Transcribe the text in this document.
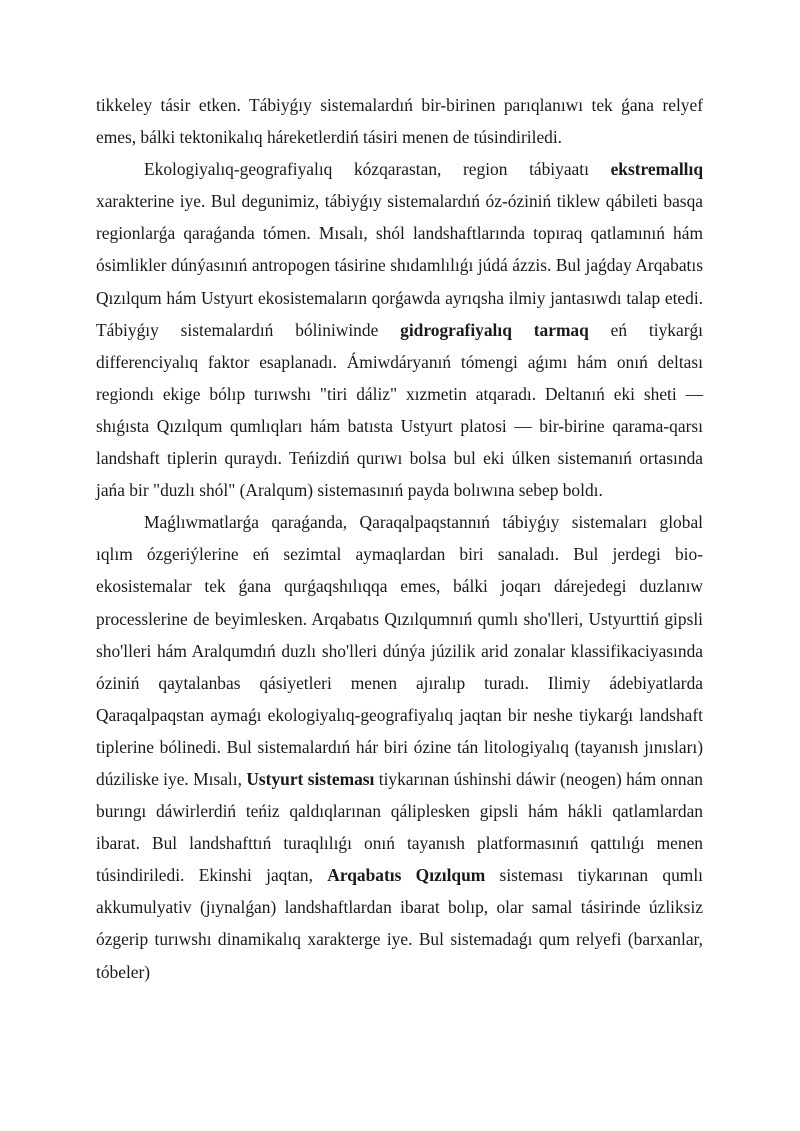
tikkeley tásir etken. Tábiyǵıy sistemalardıń bir-birinen parıqlanıwı tek ǵana relyef emes, bálki tektonikalıq háreketlerdiń tásiri menen de túsindiriledi.

Ekologiyalıq-geografiyalıq kózqarastan, region tábiyaatı ekstremallıq xarakterine iye. Bul degunimiz, tábiyǵıy sistemalardıń óz-óziniń tiklew qábileti basqa regionlarǵa qaraǵanda tómen. Mısalı, shól landshaftlarında topıraq qatlamınıń hám ósimlikler dúnýasınıń antropogen tásirine shıdamlılıǵı júdá ázzis. Bul jaǵday Arqabatıs Qızılqum hám Ustyurt ekosistemaların qorǵawda ayrıqsha ilmiy jantasıwdı talap etedi. Tábiyǵıy sistemalardıń bóliniwinde gidrografiyalıq tarmaq eń tiykarǵı differenciyalıq faktor esaplanadı. Ámiwdáryanıń tómengi aǵımı hám onıń deltası regiondı ekige bólıp turıwshı "tiri dáliz" xızmetin atqaradı. Deltanıń eki sheti — shıǵısta Qızılqum qumlıqları hám batısta Ustyurt platosi — bir-birine qarama-qarsı landshaft tiplerin quraydı. Teńizdiń qurıwı bolsa bul eki úlken sistemanıń ortasında jańa bir "duzlı shól" (Aralqum) sistemasınıń payda bolıwına sebep boldı.

Maǵlıwmatlarǵa qaraǵanda, Qaraqalpaqstannıń tábiyǵıy sistemaları global ıqlım ózgeriýlerine eń sezimtal aymaqlardan biri sanaladı. Bul jerdegi bio-ekosistemalar tek ǵana qurǵaqshılıqqa emes, bálki joqarı dárejedegi duzlanıw processlerine de beyimlesken. Arqabatıs Qızılqumnıń qumlı sho'lleri, Ustyurttiń gipsli sho'lleri hám Aralqumdıń duzlı sho'lleri dúnýa júzilik arid zonalar klassifikaciyasında óziniń qaytalanbas qásiyetleri menen ajıralıp turadı. Ilimiy ádebiyatlarda Qaraqalpaqstan aymaǵı ekologiyalıq-geografiyalıq jaqtan bir neshe tiykarǵı landshaft tiplerine bólinedi. Bul sistemalardıń hár biri ózine tán litologiyalıq (tayanısh jınısları) dúziliske iye. Mısalı, Ustyurt sisteması tiykarınan úshinshi dáwir (neogen) hám onnan burıngı dáwirlerdiń teńiz qaldıqlarınan qáliplesken gipsli hám hákli qatlamlardan ibarat. Bul landshafttıń turaqlılıǵı onıń tayanısh platformasınıń qattılıǵı menen túsindiriledi. Ekinshi jaqtan, Arqabatıs Qızılqum sisteması tiykarınan qumlı akkumulyativ (jıynalǵan) landshaftlardan ibarat bolıp, olar samal tásirinde úzliksiz ózgerip turıwshı dinamikalıq xarakterge iye. Bul sistemadaǵı qum relyefi (barxanlar, tóbeler)
